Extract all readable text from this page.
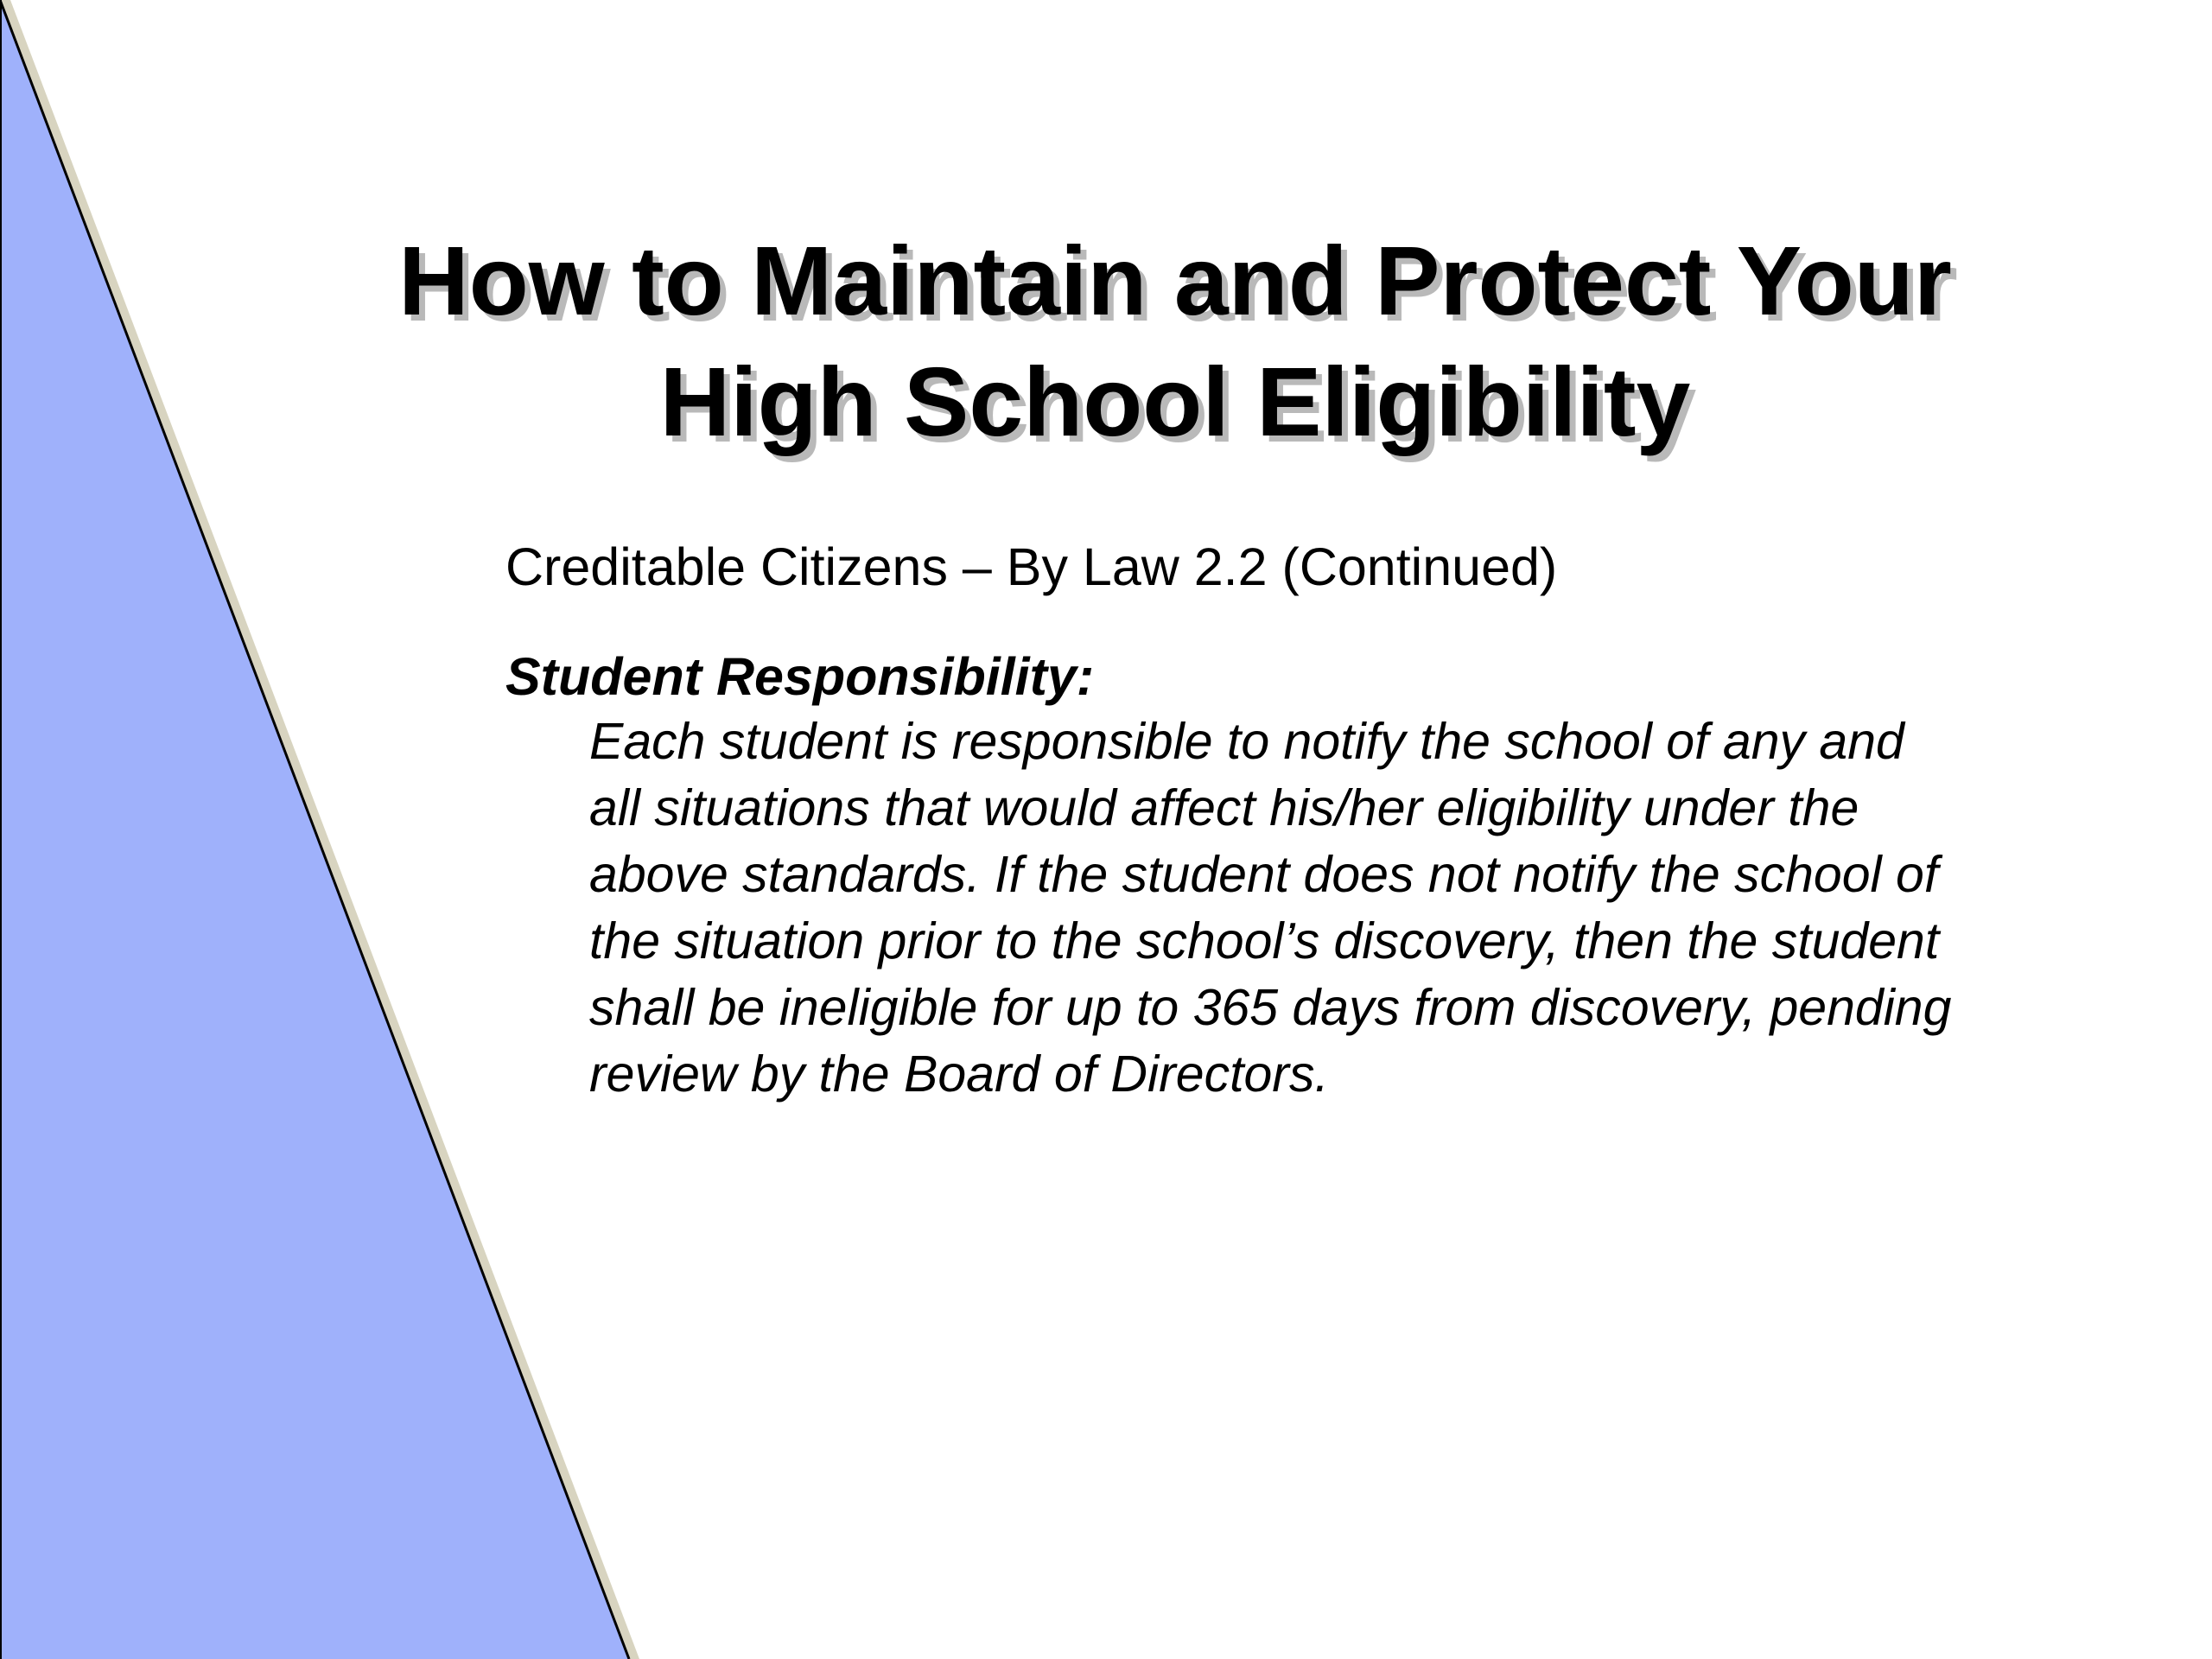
How to Maintain and Protect Your
High School Eligibility

Creditable Citizens – By Law 2.2 (Continued)

Student Responsibility:

Each student is responsible to notify the school of any and
all situations that would affect his/her eligibility under the
above standards. If the student does not notify the school of
the situation prior to the school’s discovery, then the student
shall be ineligible for up to 365 days from discovery, pending
review by the Board of Directors.
